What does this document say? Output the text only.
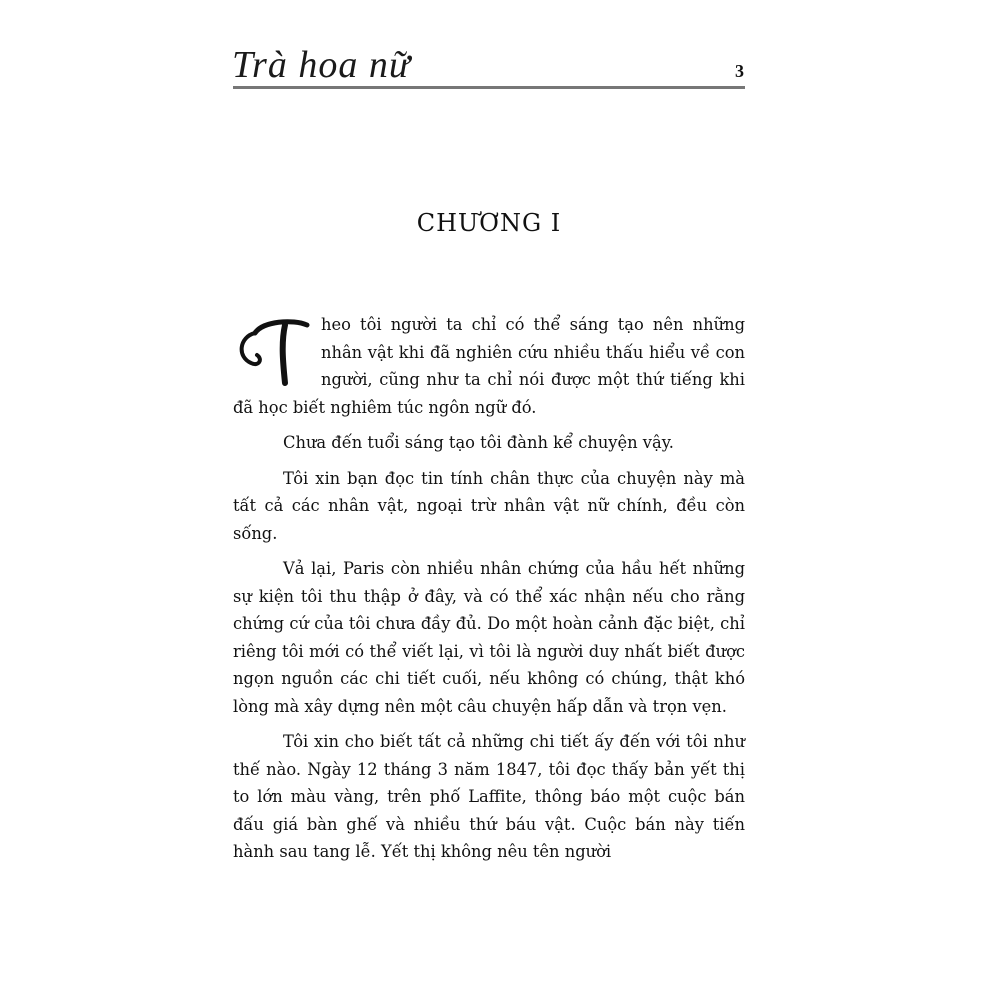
Trà hoa nữ	3
CHƯƠNG I

heo tôi người ta chỉ có thể sáng tạo nên những nhân vật khi đã nghiên cứu nhiều thấu hiểu về con người, cũng như ta chỉ nói được một thứ tiếng khi đã học biết nghiêm túc ngôn ngữ đó.

Chưa đến tuổi sáng tạo tôi đành kể chuyện vậy.

Tôi xin bạn đọc tin tính chân thực của chuyện này mà tất cả các nhân vật, ngoại trừ nhân vật nữ chính, đều còn sống.

Vả lại, Paris còn nhiều nhân chứng của hầu hết những sự kiện tôi thu thập ở đây, và có thể xác nhận nếu cho rằng chứng cứ của tôi chưa đầy đủ. Do một hoàn cảnh đặc biệt, chỉ riêng tôi mới có thể viết lại, vì tôi là người duy nhất biết được ngọn nguồn các chi tiết cuối, nếu không có chúng, thật khó lòng mà xây dựng nên một câu chuyện hấp dẫn và trọn vẹn.

Tôi xin cho biết tất cả những chi tiết ấy đến với tôi như thế nào. Ngày 12 tháng 3 năm 1847, tôi đọc thấy bản yết thị to lớn màu vàng, trên phố Laffite, thông báo một cuộc bán đấu giá bàn ghế và nhiều thứ báu vật. Cuộc bán này tiến hành sau tang lễ. Yết thị không nêu tên người
